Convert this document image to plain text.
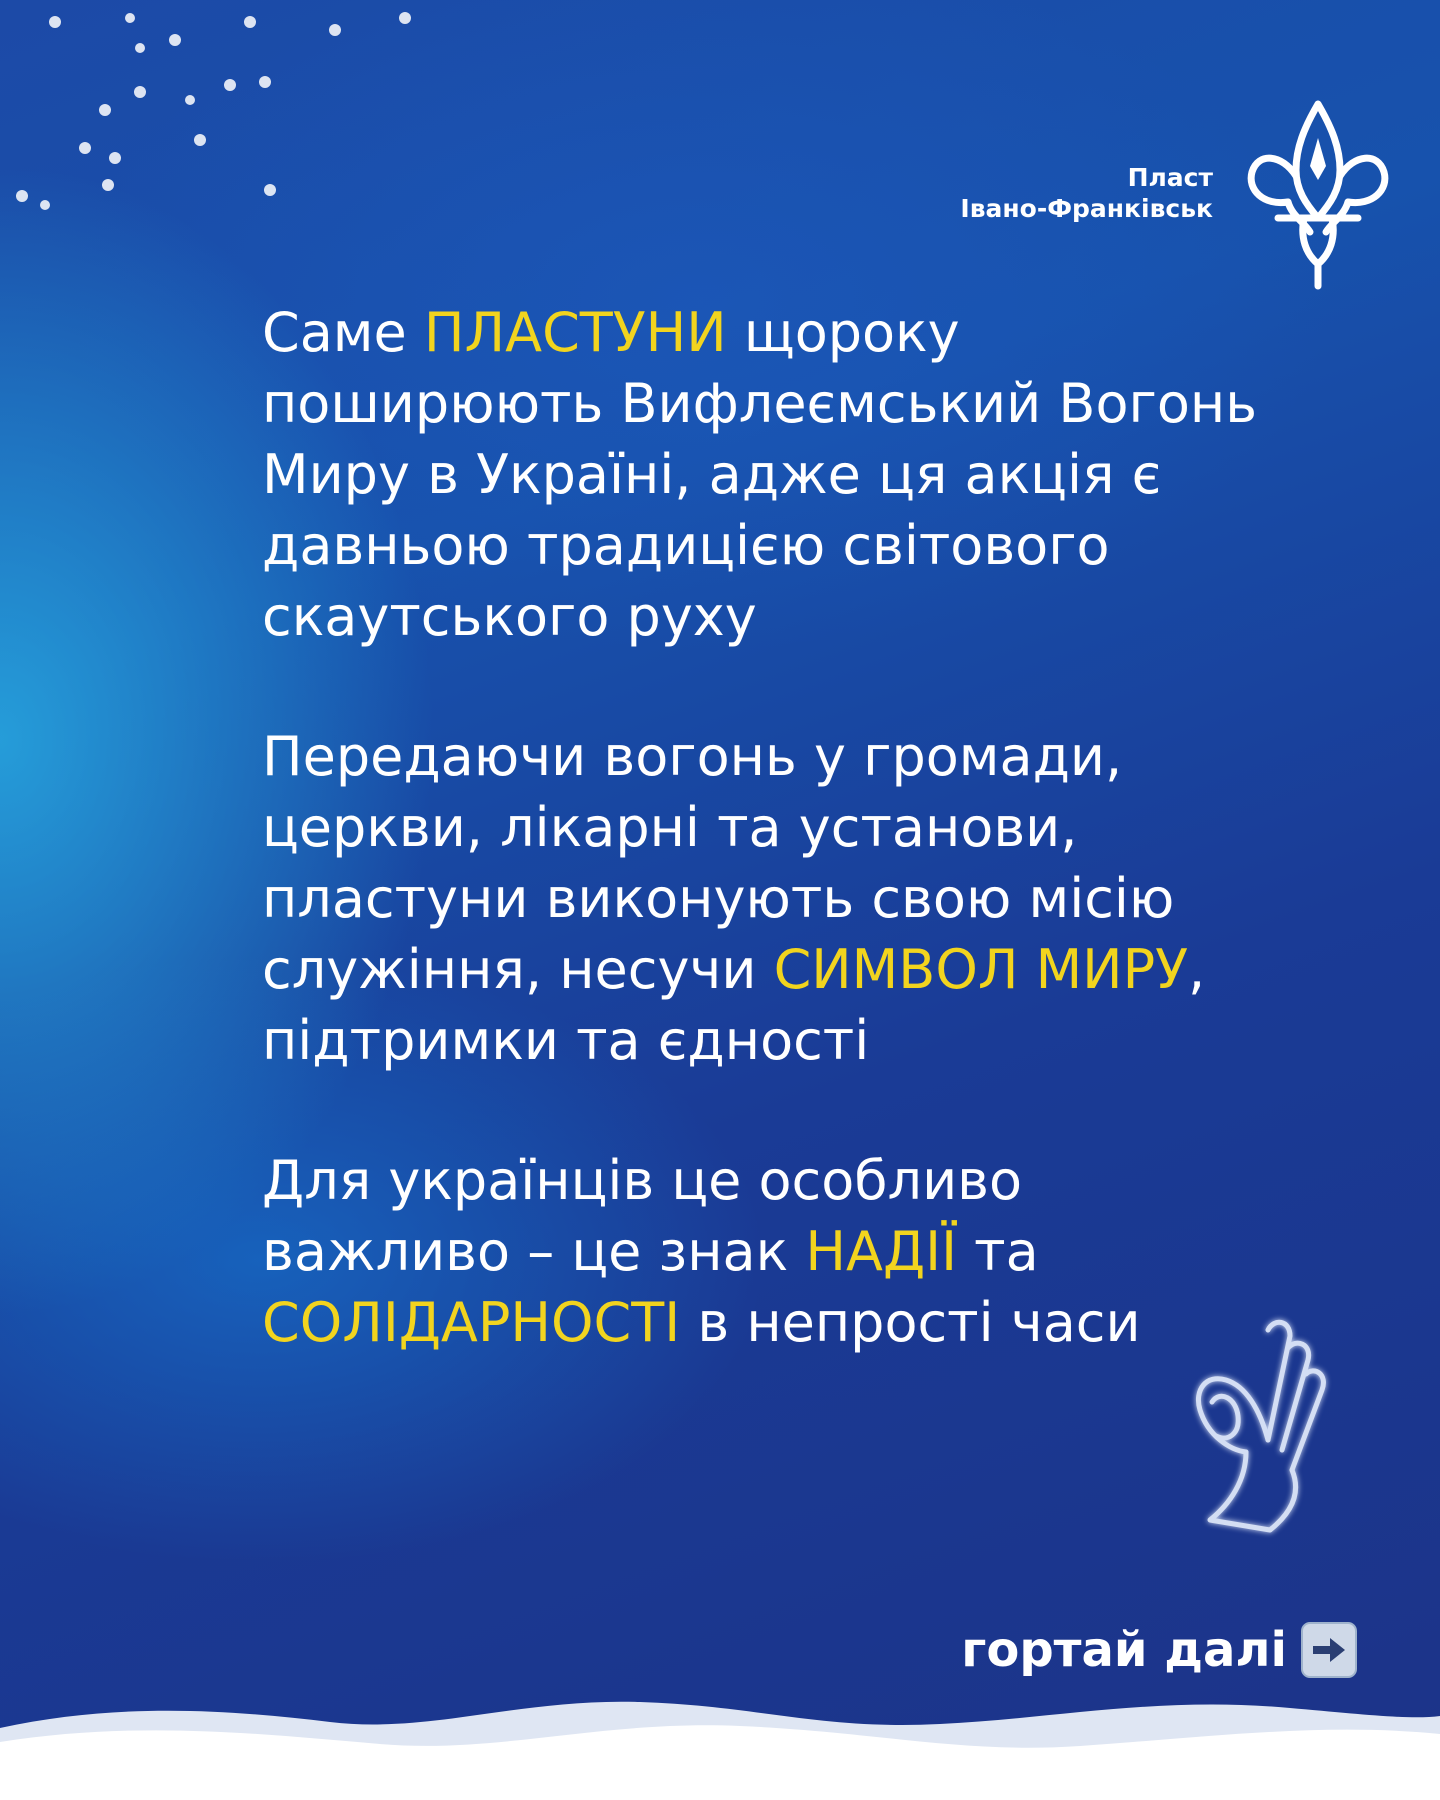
Пласт
Івано-Франківськ

Саме ПЛАСТУНИ щороку поширюють Вифлеємський Вогонь Миру в Україні, адже ця акція є давньою традицією світового скаутського руху

Передаючи вогонь у громади, церкви, лікарні та установи, пластуни виконують свою місію служіння, несучи СИМВОЛ МИРУ, підтримки та єдності

Для українців це особливо важливо – це знак НАДІЇ та СОЛІДАРНОСТІ в непрості часи

гортай далі
